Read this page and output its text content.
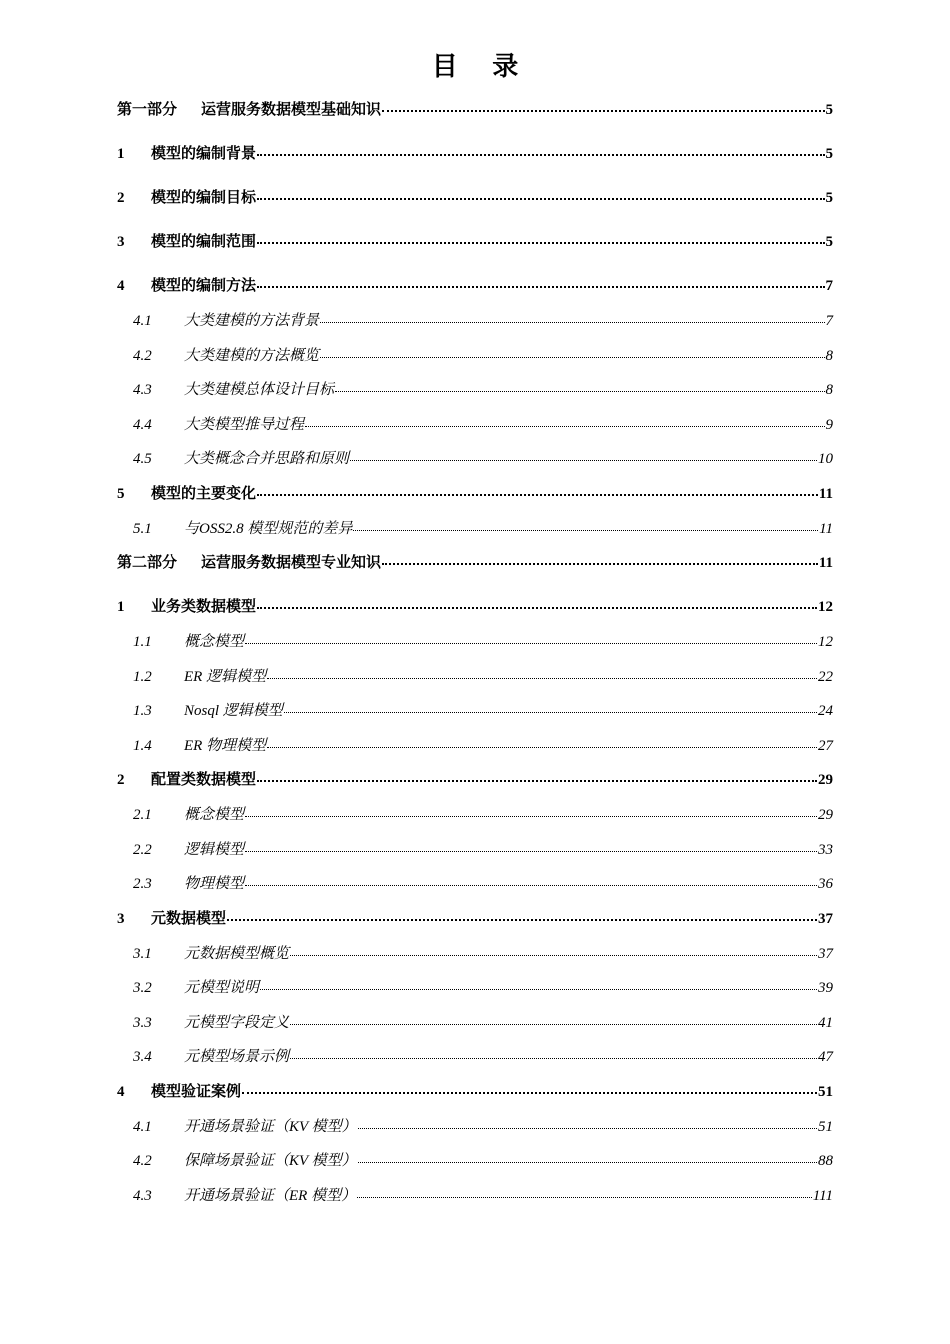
目 录
第一部分	运营服务数据模型基础知识	5
1	模型的编制背景	5
2	模型的编制目标	5
3	模型的编制范围	5
4	模型的编制方法	7
4.1	大类建模的方法背景	7
4.2	大类建模的方法概览	8
4.3	大类建模总体设计目标	8
4.4	大类模型推导过程	9
4.5	大类概念合并思路和原则	10
5	模型的主要变化	11
5.1	与OSS2.8 模型规范的差异	11
第二部分	运营服务数据模型专业知识	11
1	业务类数据模型	12
1.1	概念模型	12
1.2	ER 逻辑模型	22
1.3	Nosql 逻辑模型	24
1.4	ER 物理模型	27
2	配置类数据模型	29
2.1	概念模型	29
2.2	逻辑模型	33
2.3	物理模型	36
3	元数据模型	37
3.1	元数据模型概览	37
3.2	元模型说明	39
3.3	元模型字段定义	41
3.4	元模型场景示例	47
4	模型验证案例	51
4.1	开通场景验证（KV 模型）	51
4.2	保障场景验证（KV 模型）	88
4.3	开通场景验证（ER 模型）	111
